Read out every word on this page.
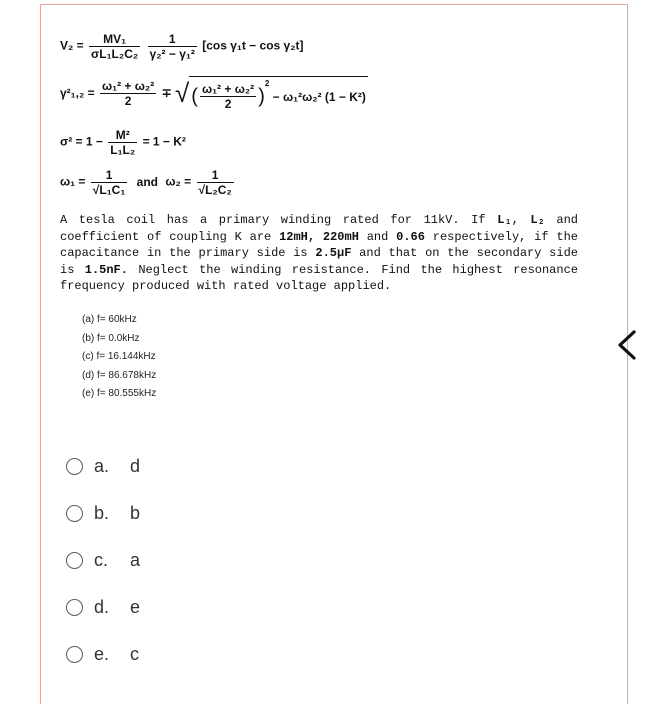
$V_2 = \frac{\text{MV₁}}{\text{σL₁L₂C₂}}$
$\frac{1}{\text{γ₂² − γ₁²}} [\cos$ γ₁t − cos γ₂t]
$\gamma^2_1,_2 = \frac{\text{ω₁² + ω₂²}}{2}$ ∓ √ ( $\frac{\text{ω₁² + ω₂²}}{2} )^2 - \omega_1^2\omega_2^2$ (1 − K²)
$\sigma^2 = 1 - \frac{\text{M²}}{\text{L₁L₂}} = 1 - K^2$
$\omega_1 = \frac{1}{\text{√L₁C₁}}$ and $\omega_2 = \frac{1}{\text{√L₂C₂}}$

A tesla coil has a primary winding rated for 11kV. If L₁, L₂ and coefficient of coupling K are 12mH, 220mH and 0.66 respectively, if the capacitance in the primary side is 2.5μF and that on the secondary side is 1.5nF. Neglect the winding resistance. Find the highest resonance frequency produced with rated voltage applied.

(a) f= 60kHz
(b) f= 0.0kHz
(c) f= 16.144kHz
(d) f= 86.678kHz
(e) f= 80.555kHz
a.	d
b.	b
c.	a
d.	e
e.	c
